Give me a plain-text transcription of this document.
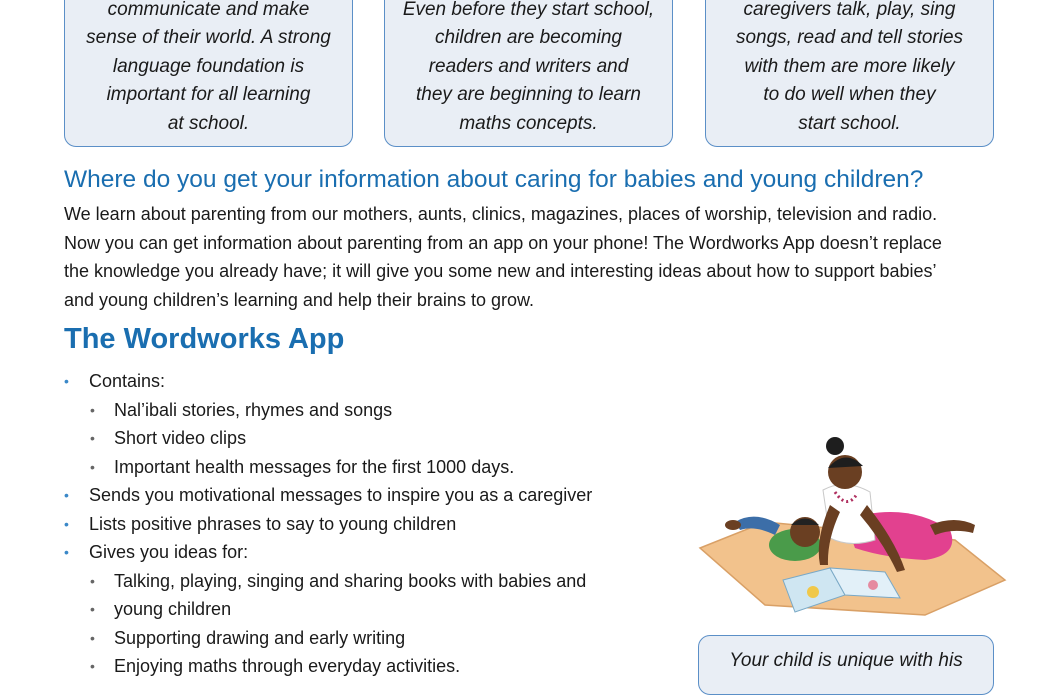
communicate and make
sense of their world. A strong
language foundation is
important for all learning
at school.
Even before they start school,
children are becoming
readers and writers and
they are beginning to learn
maths concepts.
caregivers talk, play, sing
songs, read and tell stories
with them are more likely
to do well when they
start school.
Where do you get your information about caring for babies and young children?
We learn about parenting from our mothers, aunts, clinics, magazines, places of worship, television and radio.
Now you can get information about parenting from an app on your phone! The Wordworks App doesn’t replace
the knowledge you already have; it will give you some new and interesting ideas about how to support babies’
and young children’s learning and help their brains to grow.
The Wordworks App
• Contains:
• Nal’ibali stories, rhymes and songs
• Short video clips
• Important health messages for the first 1000 days.
• Sends you motivational messages to inspire you as a caregiver
• Lists positive phrases to say to young children
• Gives you ideas for:
• Talking, playing, singing and sharing books with babies and
• young children
• Supporting drawing and early writing
• Enjoying maths through everyday activities.	Your child is unique with his
